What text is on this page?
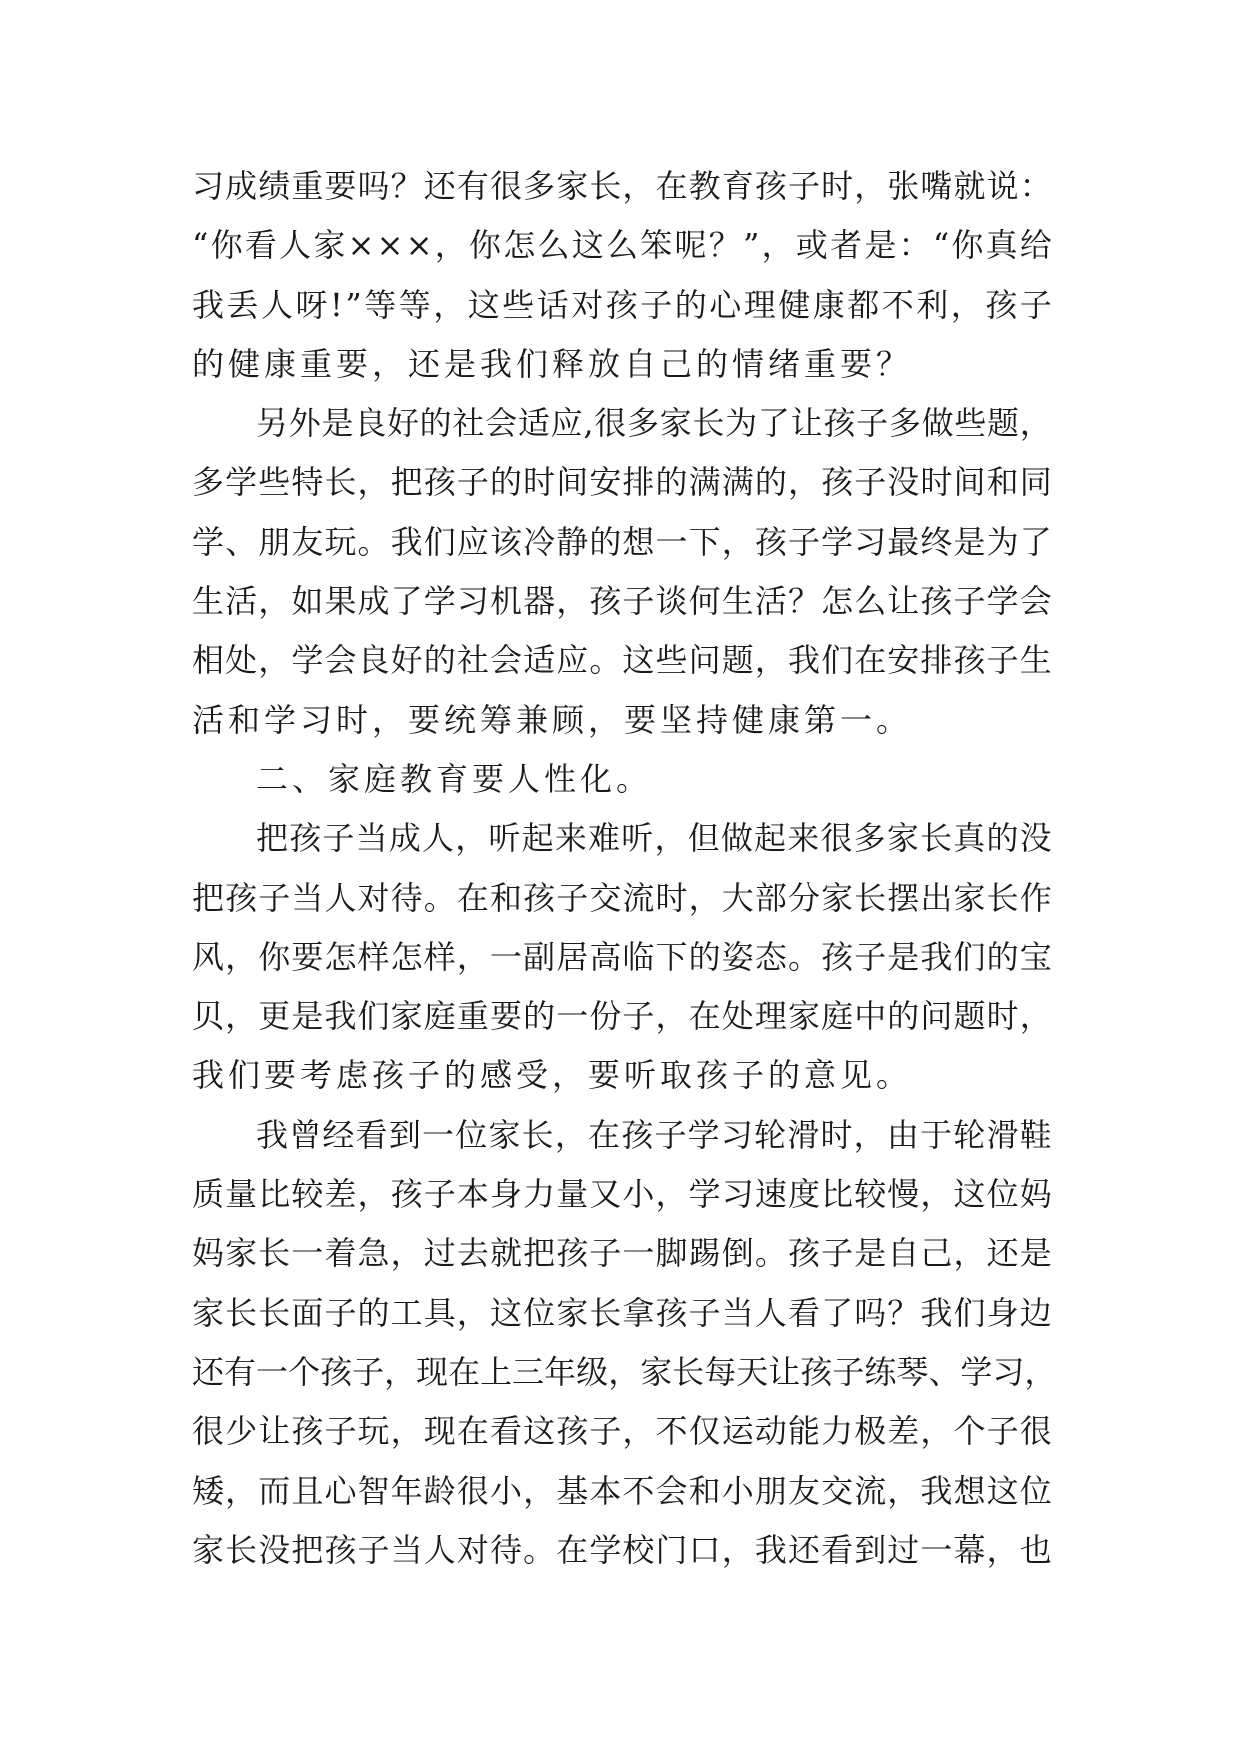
习 成 绩 重 要 吗 ？ 还 有 很 多 家 长 ， 在 教 育 孩 子 时 ， 张 嘴 就 说 ：
“ 你 看 人 家 × × × ， 你 怎 么 这 么 笨 呢 ？ ” ， 或 者 是 ： “ 你 真 给
我 丢 人 呀 ! ” 等 等 ， 这 些 话 对 孩 子 的 心 理 健 康 都 不 利 ， 孩 子
的健康重要，还是我们释放自己的情绪重要？
另 外 是 良 好 的 社 会 适 应 , 很 多 家 长 为 了 让 孩 子 多 做 些 题 ，
多 学 些 特 长 ， 把 孩 子 的 时 间 安 排 的 满 满 的 ， 孩 子 没 时 间 和 同
学 、 朋 友 玩 。 我 们 应 该 冷 静 的 想 一 下 ， 孩 子 学 习 最 终 是 为 了
生 活 ， 如 果 成 了 学 习 机 器 ， 孩 子 谈 何 生 活 ？ 怎 么 让 孩 子 学 会
相 处 ， 学 会 良 好 的 社 会 适 应 。 这 些 问 题 ， 我 们 在 安 排 孩 子 生
活和学习时，要统筹兼顾，要坚持健康第一。
二、家庭教育要人性化。
把 孩 子 当 成 人 ， 听 起 来 难 听 ， 但 做 起 来 很 多 家 长 真 的 没
把 孩 子 当 人 对 待 。 在 和 孩 子 交 流 时 ， 大 部 分 家 长 摆 出 家 长 作
风 ， 你 要 怎 样 怎 样 ， 一 副 居 高 临 下 的 姿 态 。 孩 子 是 我 们 的 宝
贝 ， 更 是 我 们 家 庭 重 要 的 一 份 子 ， 在 处 理 家 庭 中 的 问 题 时 ，
我们要考虑孩子的感受，要听取孩子的意见。
我 曾 经 看 到 一 位 家 长 ， 在 孩 子 学 习 轮 滑 时 ， 由 于 轮 滑 鞋
质 量 比 较 差 ， 孩 子 本 身 力 量 又 小 ， 学 习 速 度 比 较 慢 ， 这 位 妈
妈 家 长 一 着 急 ， 过 去 就 把 孩 子 一 脚 踢 倒 。 孩 子 是 自 己 ， 还 是
家 长 长 面 子 的 工 具 ， 这 位 家 长 拿 孩 子 当 人 看 了 吗 ？ 我 们 身 边
还 有 一 个 孩 子 ， 现 在 上 三 年 级 ， 家 长 每 天 让 孩 子 练 琴 、 学 习 ，
很 少 让 孩 子 玩 ， 现 在 看 这 孩 子 ， 不 仅 运 动 能 力 极 差 ， 个 子 很
矮 ， 而 且 心 智 年 龄 很 小 ， 基 本 不 会 和 小 朋 友 交 流 ， 我 想 这 位
家 长 没 把 孩 子 当 人 对 待 。 在 学 校 门 口 ， 我 还 看 到 过 一 幕 ， 也
